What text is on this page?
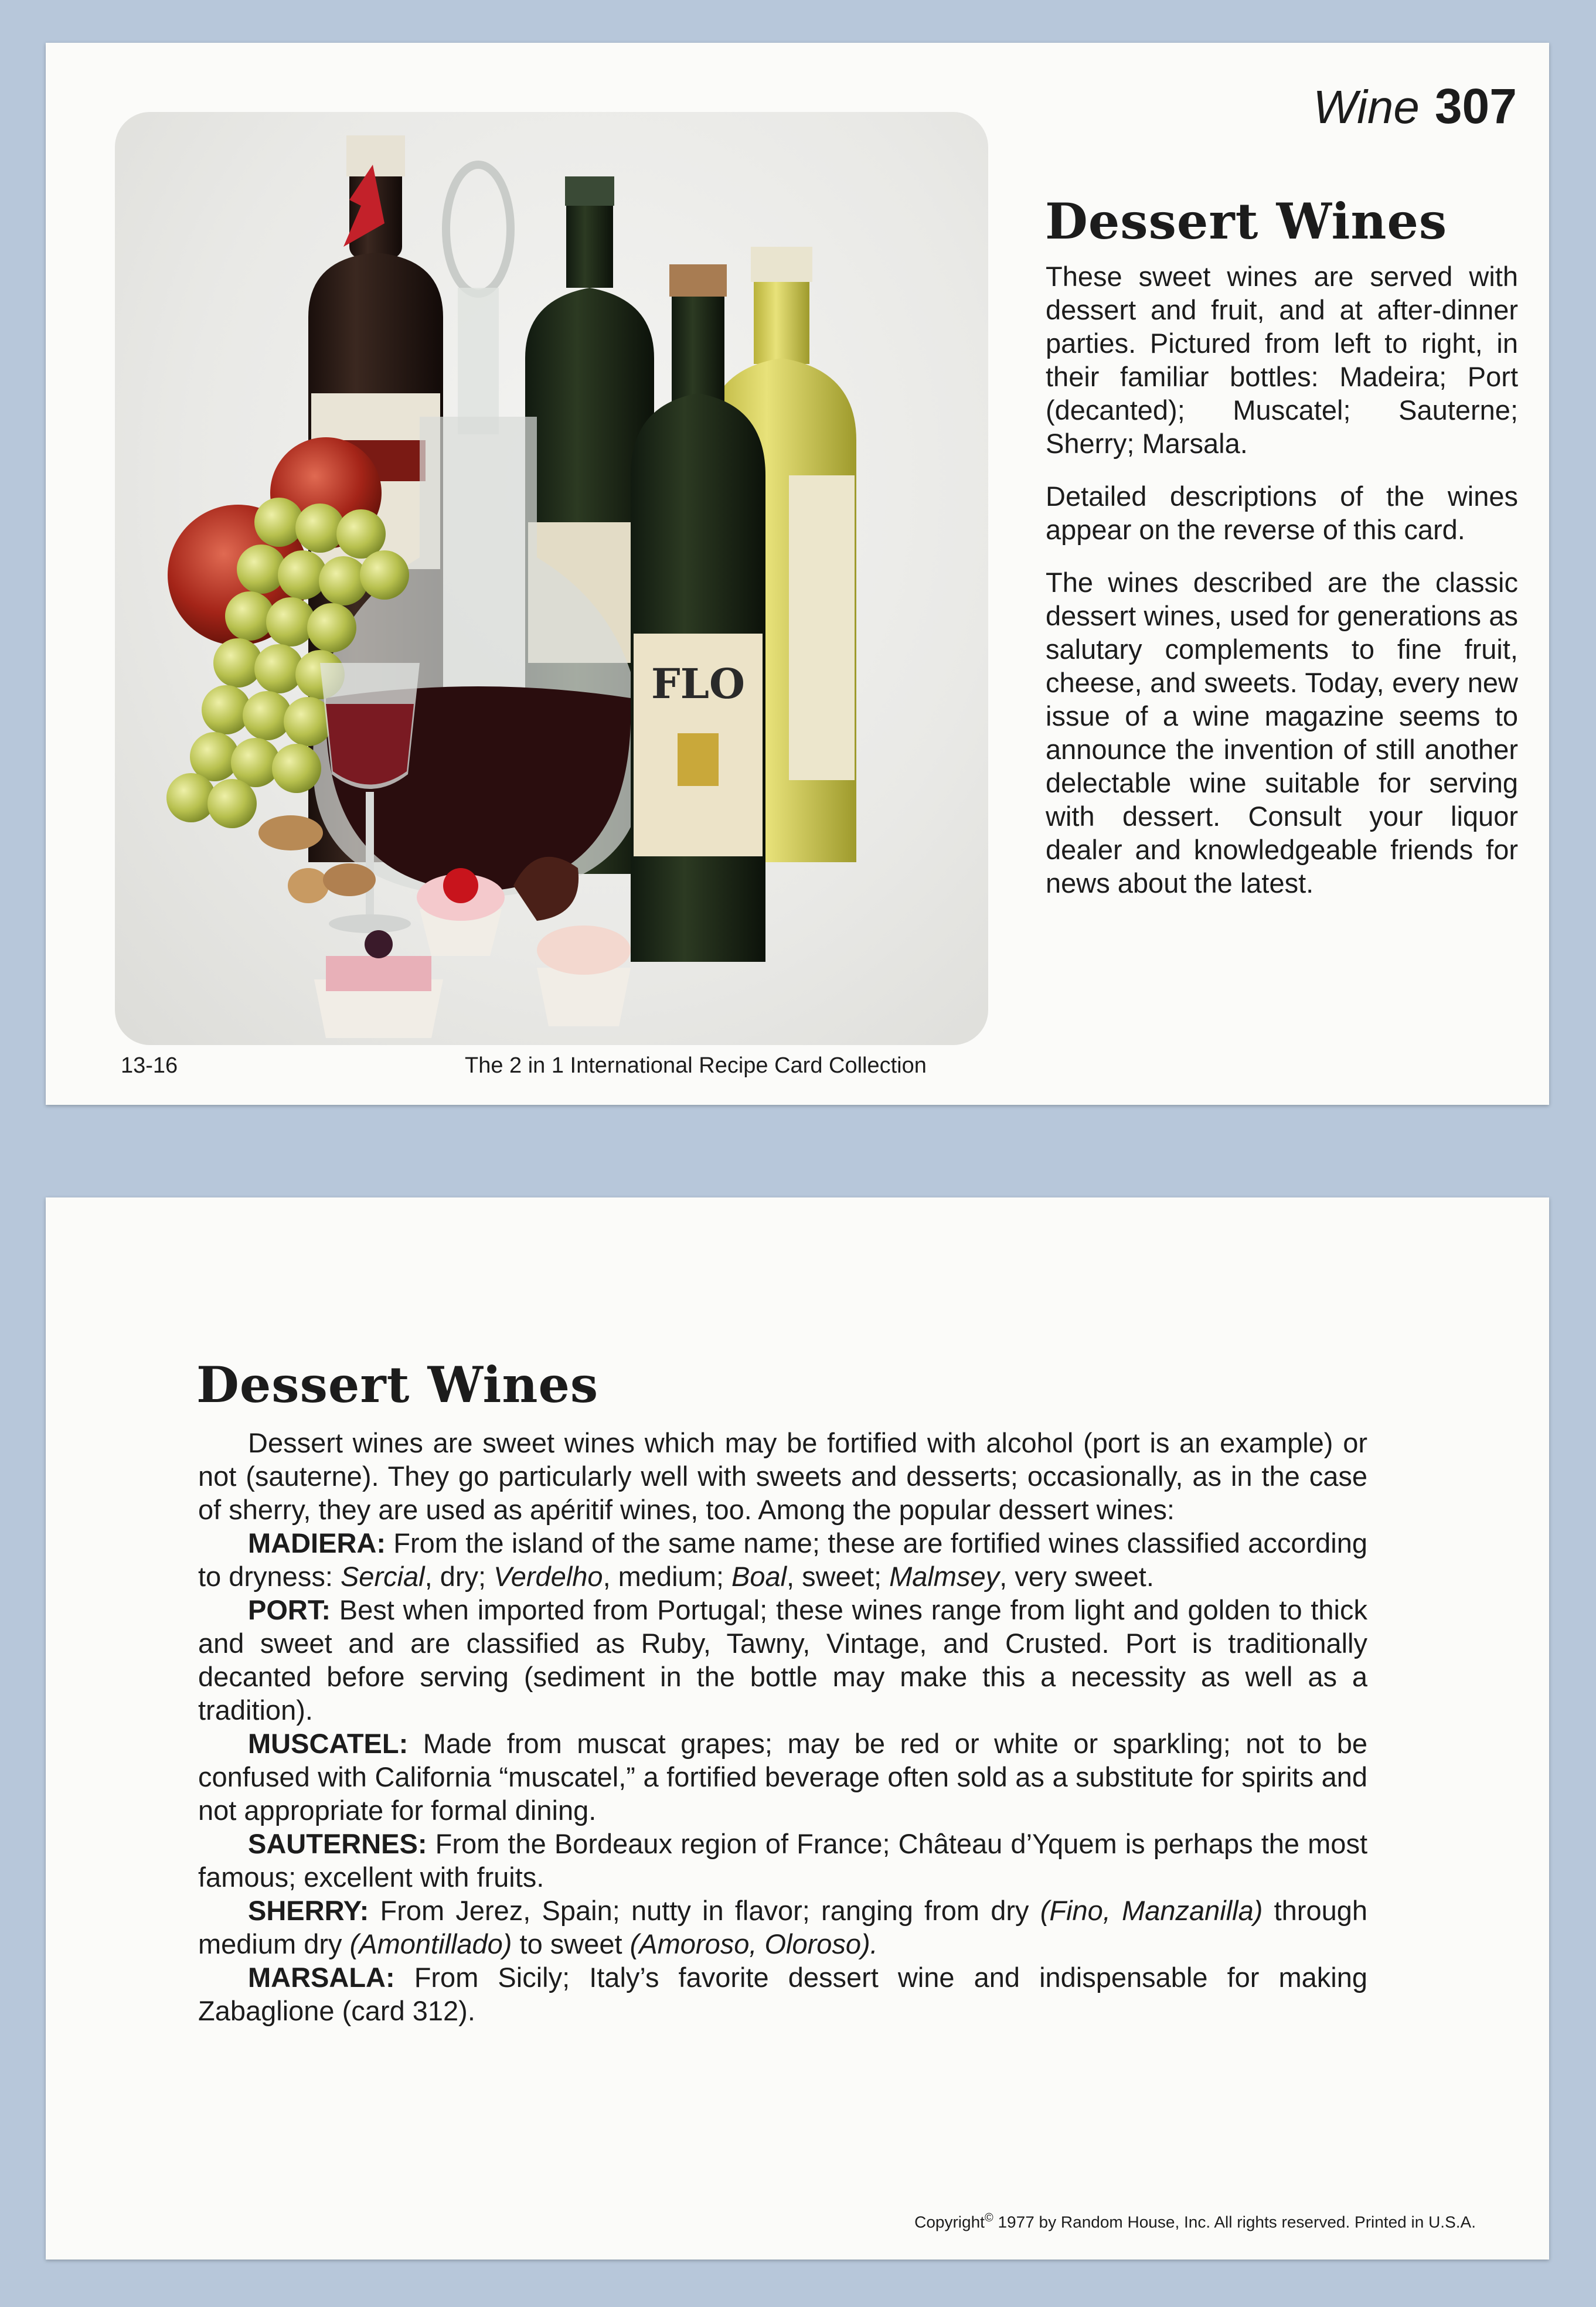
FLO
Wine 307
Dessert Wines

These sweet wines are served with dessert and fruit, and at after-dinner parties. Pictured from left to right, in their familiar bottles: Madeira; Port (decanted); Muscatel; Sauterne; Sherry; Marsala.

Detailed descriptions of the wines appear on the reverse of this card.

The wines described are the classic dessert wines, used for generations as salutary complements to fine fruit, cheese, and sweets. Today, every new issue of a wine magazine seems to announce the invention of still another delectable wine suitable for serving with dessert. Consult your liquor dealer and knowledgeable friends for news about the latest.

13-16	The 2 in 1 International Recipe Card Collection
Dessert Wines

Dessert wines are sweet wines which may be fortified with alcohol (port is an example) or not (sauterne). They go particularly well with sweets and desserts; occasionally, as in the case of sherry, they are used as apéritif wines, too. Among the popular dessert wines:

MADIERA: From the island of the same name; these are fortified wines classified according to dryness: Sercial, dry; Verdelho, medium; Boal, sweet; Malmsey, very sweet.

PORT: Best when imported from Portugal; these wines range from light and golden to thick and sweet and are classified as Ruby, Tawny, Vintage, and Crusted. Port is traditionally decanted before serving (sediment in the bottle may make this a necessity as well as a tradition).

MUSCATEL: Made from muscat grapes; may be red or white or sparkling; not to be confused with California “muscatel,” a fortified beverage often sold as a substitute for spirits and not appropriate for formal dining.

SAUTERNES: From the Bordeaux region of France; Château d’Yquem is perhaps the most famous; excellent with fruits.

SHERRY: From Jerez, Spain; nutty in flavor; ranging from dry (Fino, Manzanilla) through medium dry (Amontillado) to sweet (Amoroso, Oloroso).

MARSALA: From Sicily; Italy’s favorite dessert wine and indispensable for making Zabaglione (card 312).

Copyright© 1977 by Random House, Inc. All rights reserved. Printed in U.S.A.
